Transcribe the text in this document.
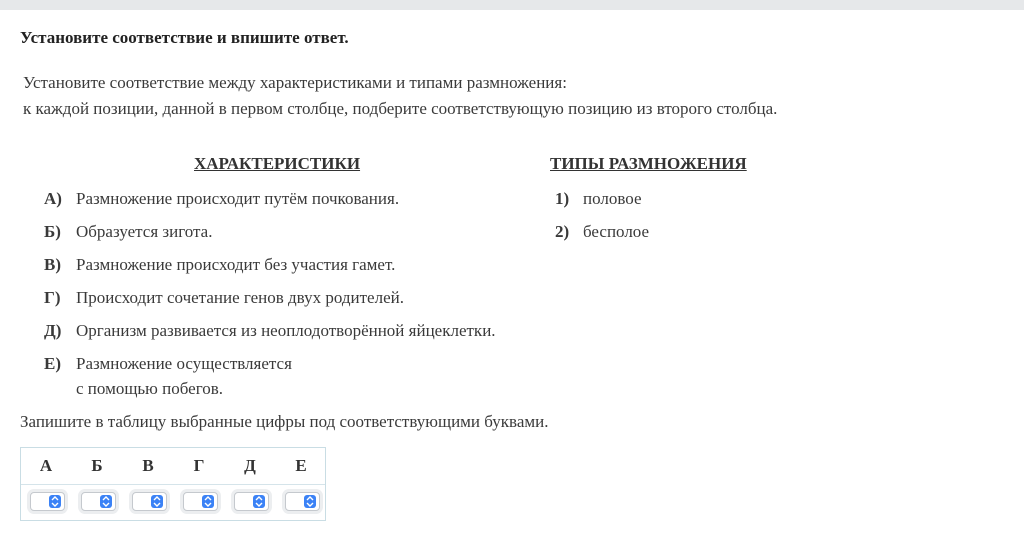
Установите соответствие и впишите ответ.
Установите соответствие между характеристиками и типами размножения:
к каждой позиции, данной в первом столбце, подберите соответствующую позицию из второго столбца.
ХАРАКТЕРИСТИКИ	ТИПЫ РАЗМНОЖЕНИЯ
А) Размножение происходит путём почкования.
Б) Образуется зигота.
В) Размножение происходит без участия гамет.
Г) Происходит сочетание генов двух родителей.
Д) Организм развивается из неоплодотворённой яйцеклетки.
Е) Размножение осуществляется
с помощью побегов.
1) половое
2) бесполое
Запишите в таблицу выбранные цифры под соответствующими буквами.
А	Б	В	Г	Д	Е
